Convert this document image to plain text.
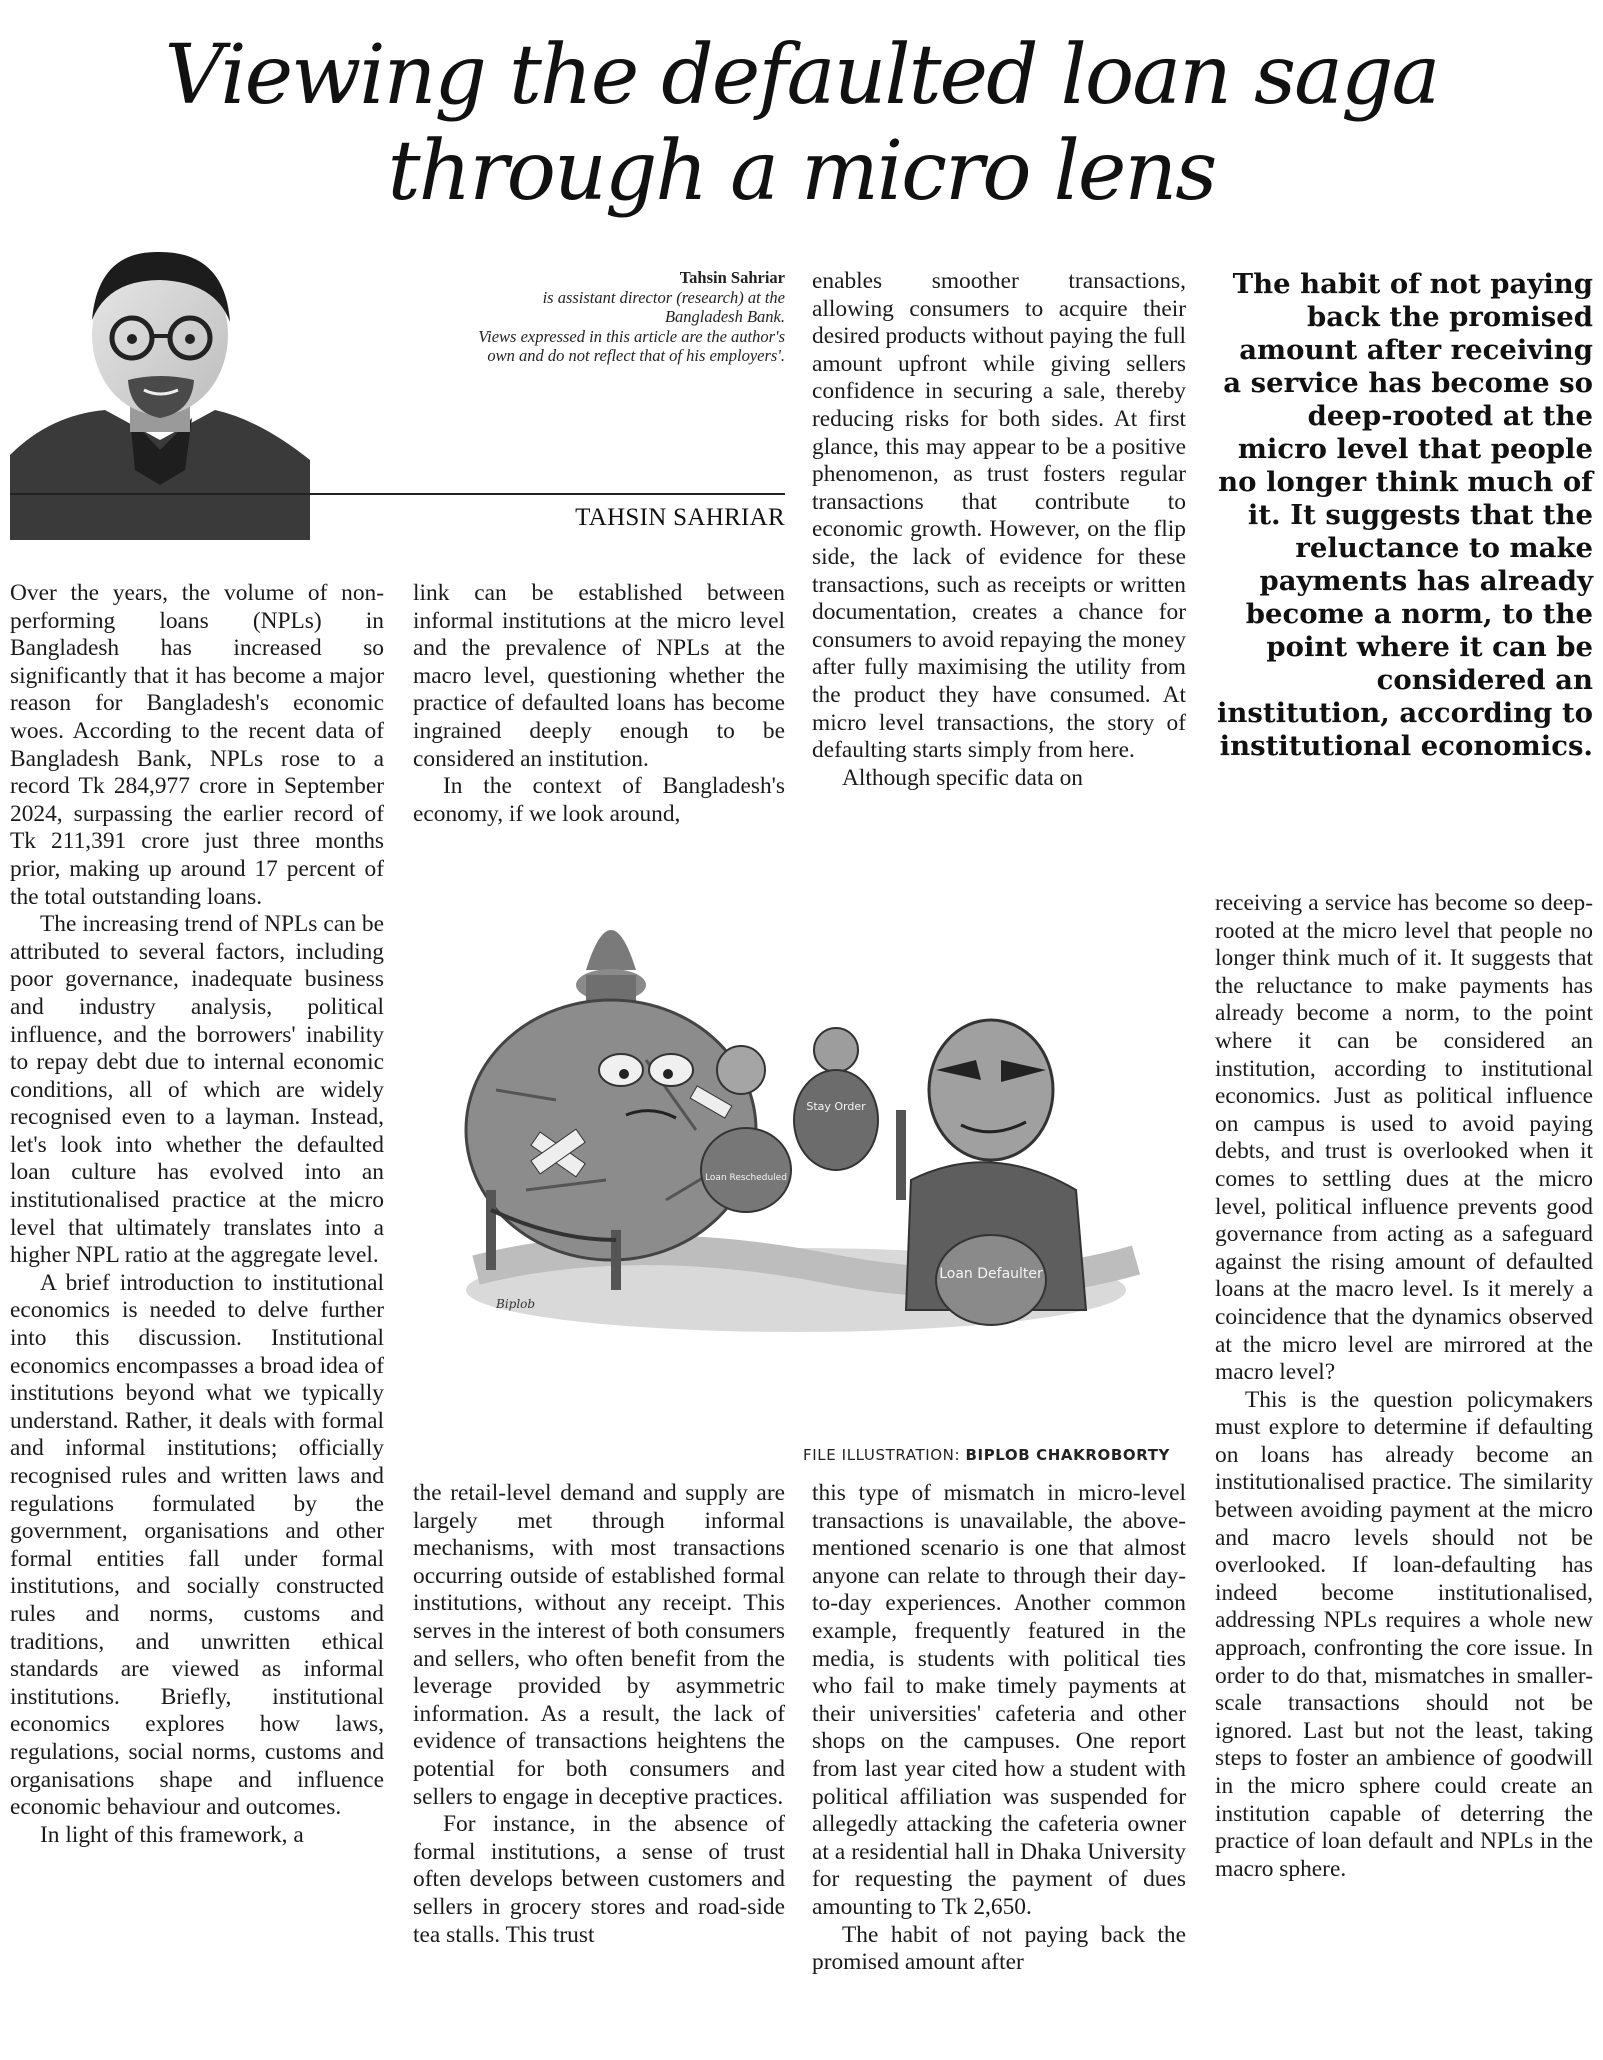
Viewing the defaulted loan saga
through a micro lens
Tahsin Sahriar
is assistant director (research) at the
Bangladesh Bank.
Views expressed in this article are the author's
own and do not reflect that of his employers'.
TAHSIN SAHRIAR

Over the years, the volume of non-performing loans (NPLs) in Bangladesh has increased so significantly that it has become a major reason for Bangladesh's economic woes. According to the recent data of Bangladesh Bank, NPLs rose to a record Tk 284,977 crore in September 2024, surpassing the earlier record of Tk 211,391 crore just three months prior, making up around 17 percent of the total outstanding loans.

The increasing trend of NPLs can be attributed to several factors, including poor governance, inadequate business and industry analysis, political influence, and the borrowers' inability to repay debt due to internal economic conditions, all of which are widely recognised even to a layman. Instead, let's look into whether the defaulted loan culture has evolved into an institutionalised practice at the micro level that ultimately translates into a higher NPL ratio at the aggregate level.

A brief introduction to institutional economics is needed to delve further into this discussion. Institutional economics encompasses a broad idea of institutions beyond what we typically understand. Rather, it deals with formal and informal institutions; officially recognised rules and written laws and regulations formulated by the government, organisations and other formal entities fall under formal institutions, and socially constructed rules and norms, customs and traditions, and unwritten ethical standards are viewed as informal institutions. Briefly, institutional economics explores how laws, regulations, social norms, customs and organisations shape and influence economic behaviour and outcomes.

In light of this framework, a

link can be established between informal institutions at the micro level and the prevalence of NPLs at the macro level, questioning whether the practice of defaulted loans has become ingrained deeply enough to be considered an institution.

In the context of Bangladesh's economy, if we look around,

enables smoother transactions, allowing consumers to acquire their desired products without paying the full amount upfront while giving sellers confidence in securing a sale, thereby reducing risks for both sides. At first glance, this may appear to be a positive phenomenon, as trust fosters regular transactions that contribute to economic growth. However, on the flip side, the lack of evidence for these transactions, such as receipts or written documentation, creates a chance for consumers to avoid repaying the money after fully maximising the utility from the product they have consumed. At micro level transactions, the story of defaulting starts simply from here.

Although specific data on

The habit of not paying back the promised amount after receiving a service has become so deep-rooted at the micro level that people no longer think much of it. It suggests that the reluctance to make payments has already become a norm, to the point where it can be considered an institution, according to institutional economics.

receiving a service has become so deep-rooted at the micro level that people no longer think much of it. It suggests that the reluctance to make payments has already become a norm, to the point where it can be considered an institution, according to institutional economics. Just as political influence on campus is used to avoid paying debts, and trust is overlooked when it comes to settling dues at the micro level, political influence prevents good governance from acting as a safeguard against the rising amount of defaulted loans at the macro level. Is it merely a coincidence that the dynamics observed at the micro level are mirrored at the macro level?

This is the question policymakers must explore to determine if defaulting on loans has already become an institutionalised practice. The similarity between avoiding payment at the micro and macro levels should not be overlooked. If loan-defaulting has indeed become institutionalised, addressing NPLs requires a whole new approach, confronting the core issue. In order to do that, mismatches in smaller-scale transactions should not be ignored. Last but not the least, taking steps to foster an ambience of goodwill in the micro sphere could create an institution capable of deterring the practice of loan default and NPLs in the macro sphere.

Stay Order
Loan Rescheduled
Loan Defaulter
Biplob
FILE ILLUSTRATION: BIPLOB CHAKROBORTY

the retail-level demand and supply are largely met through informal mechanisms, with most transactions occurring outside of established formal institutions, without any receipt. This serves in the interest of both consumers and sellers, who often benefit from the leverage provided by asymmetric information. As a result, the lack of evidence of transactions heightens the potential for both consumers and sellers to engage in deceptive practices.

For instance, in the absence of formal institutions, a sense of trust often develops between customers and sellers in grocery stores and road-side tea stalls. This trust

this type of mismatch in micro-level transactions is unavailable, the above-mentioned scenario is one that almost anyone can relate to through their day-to-day experiences. Another common example, frequently featured in the media, is students with political ties who fail to make timely payments at their universities' cafeteria and other shops on the campuses. One report from last year cited how a student with political affiliation was suspended for allegedly attacking the cafeteria owner at a residential hall in Dhaka University for requesting the payment of dues amounting to Tk 2,650.

The habit of not paying back the promised amount after
